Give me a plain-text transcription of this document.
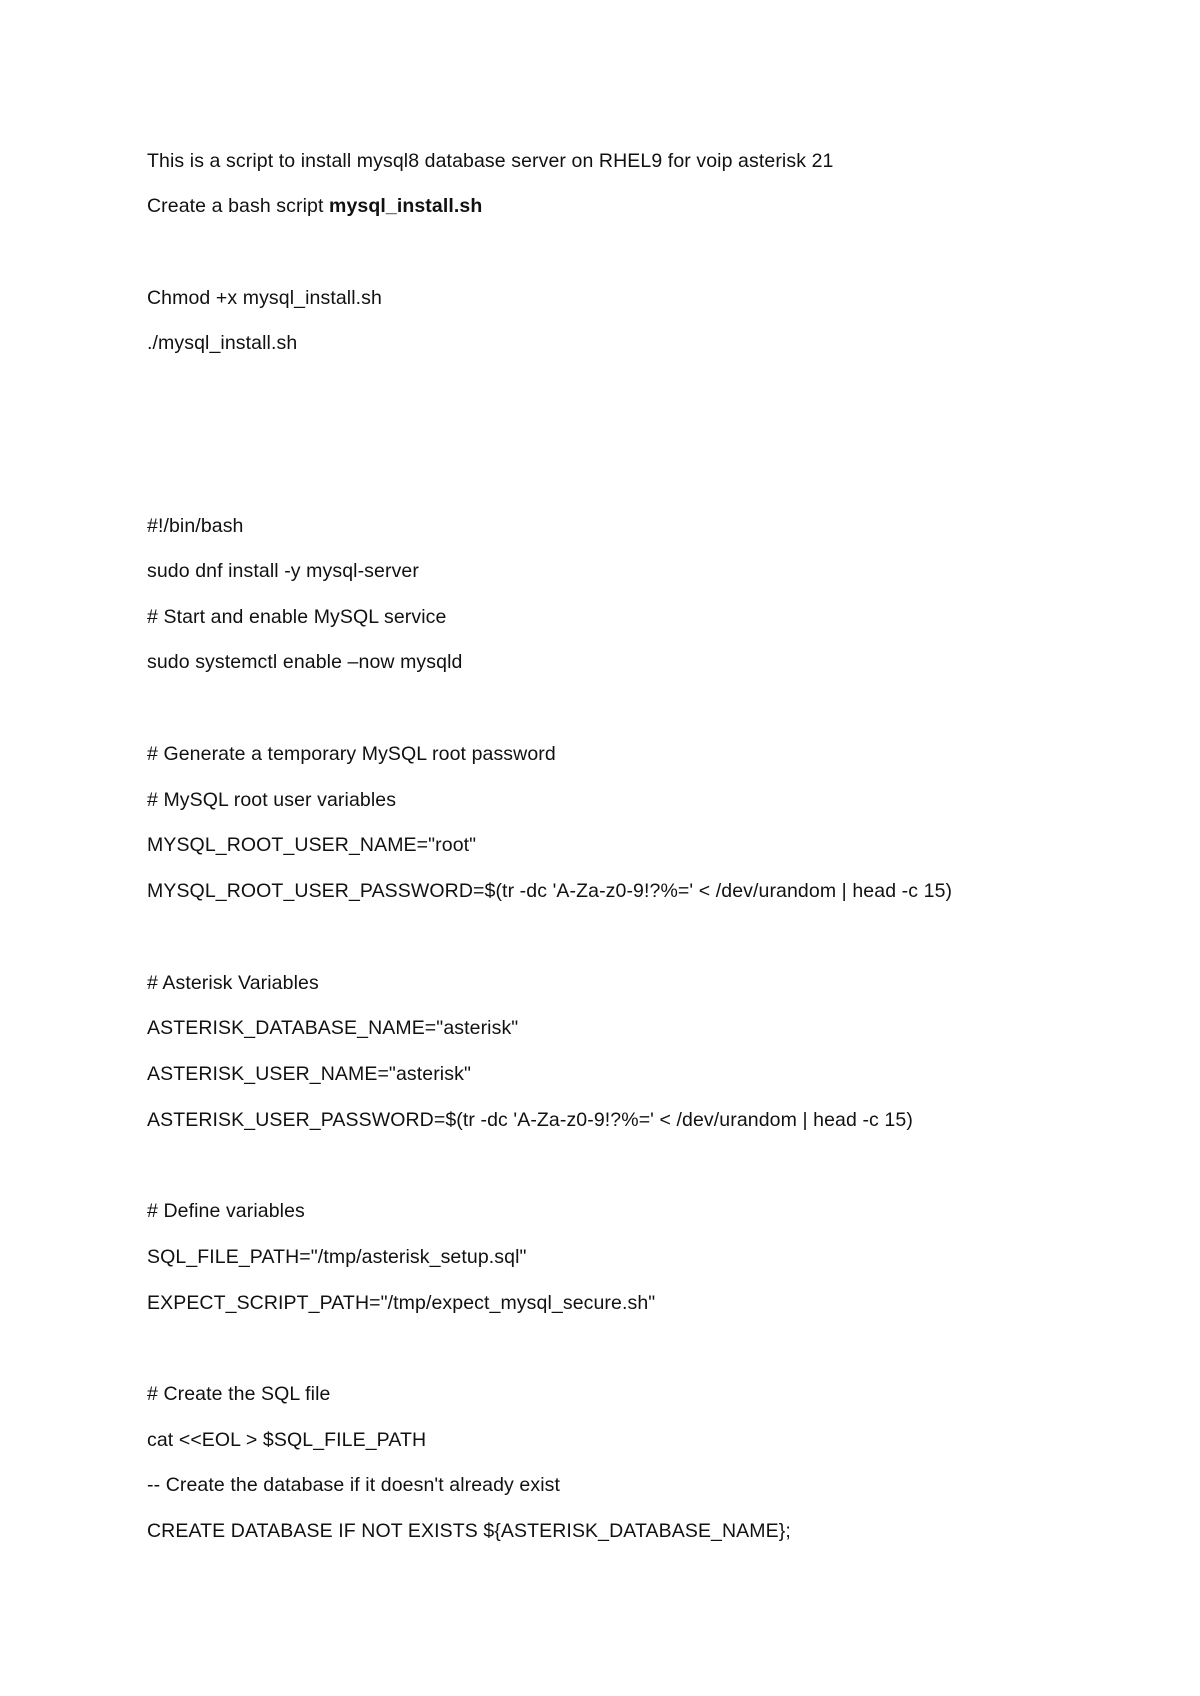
This is a script to install mysql8 database server on RHEL9 for voip asterisk 21
Create a bash script mysql_install.sh
Chmod +x mysql_install.sh
./mysql_install.sh
#!/bin/bash
sudo dnf install -y mysql-server
# Start and enable MySQL service
sudo systemctl enable –now mysqld
# Generate a temporary MySQL root password
# MySQL root user variables
MYSQL_ROOT_USER_NAME="root"
MYSQL_ROOT_USER_PASSWORD=$(tr -dc 'A-Za-z0-9!?%=' < /dev/urandom | head -c 15)
# Asterisk Variables
ASTERISK_DATABASE_NAME="asterisk"
ASTERISK_USER_NAME="asterisk"
ASTERISK_USER_PASSWORD=$(tr -dc 'A-Za-z0-9!?%=' < /dev/urandom | head -c 15)
# Define variables
SQL_FILE_PATH="/tmp/asterisk_setup.sql"
EXPECT_SCRIPT_PATH="/tmp/expect_mysql_secure.sh"
# Create the SQL file
cat <<EOL > $SQL_FILE_PATH
-- Create the database if it doesn't already exist
CREATE DATABASE IF NOT EXISTS ${ASTERISK_DATABASE_NAME};
